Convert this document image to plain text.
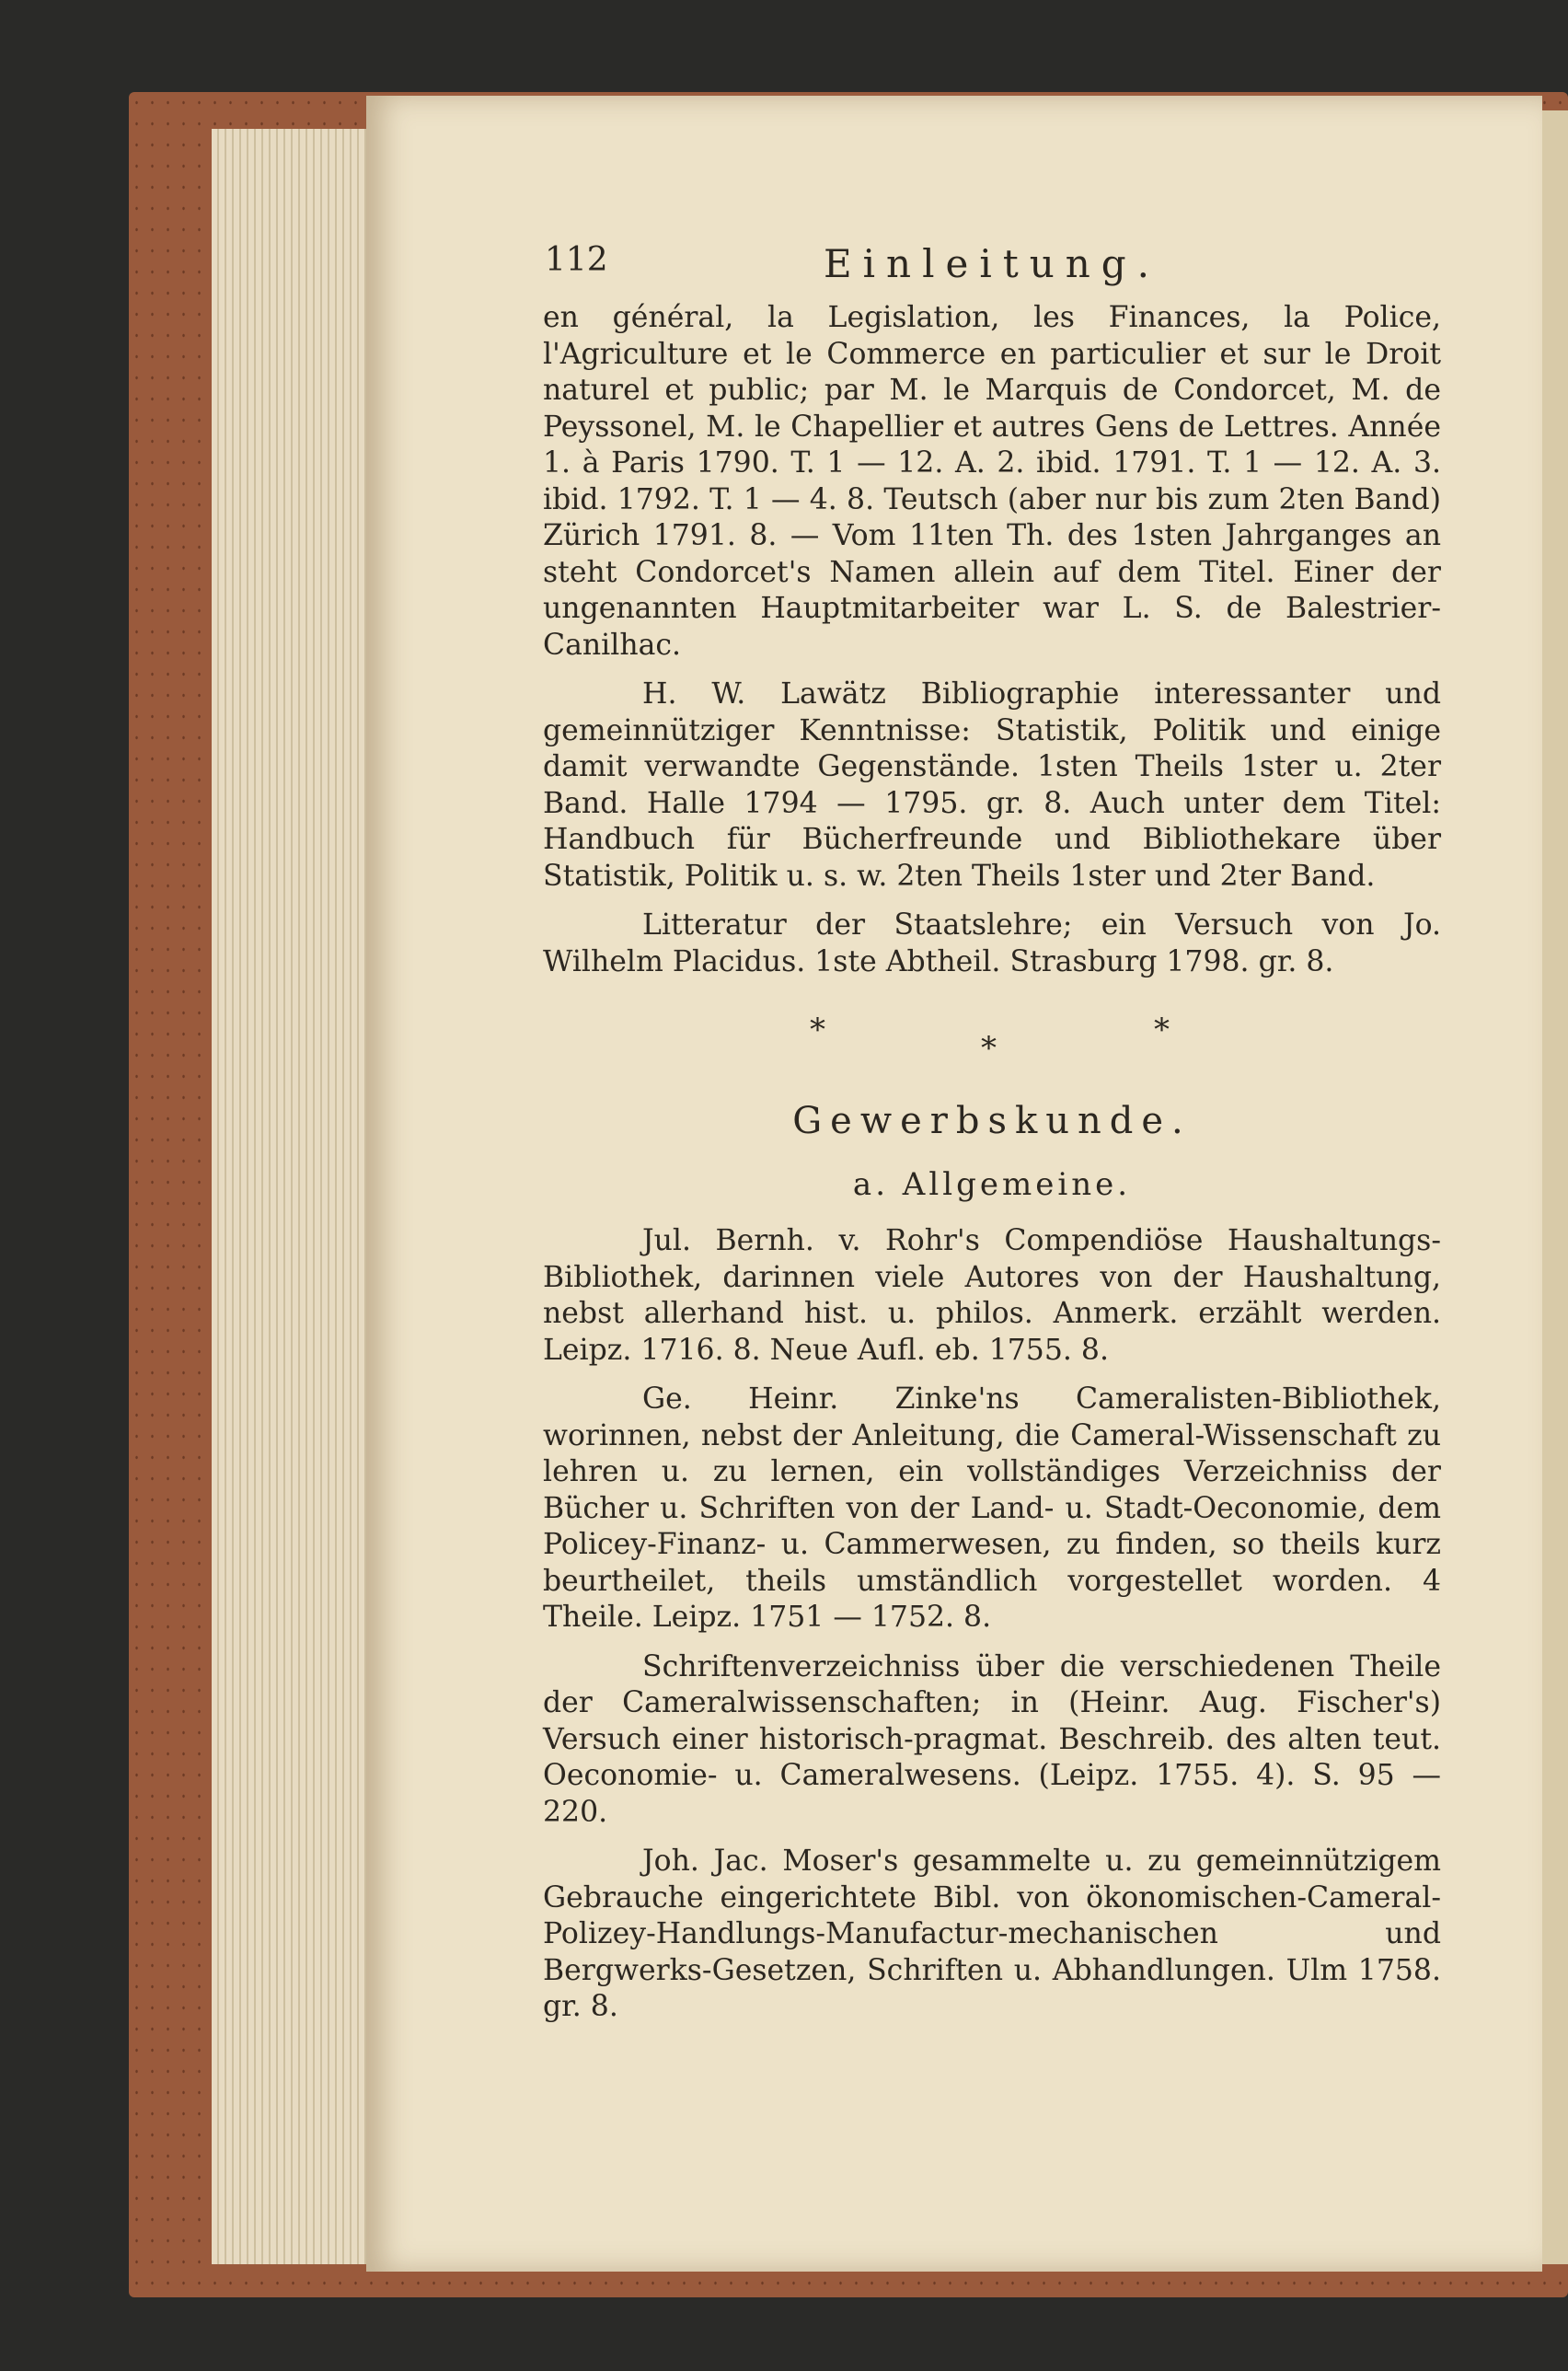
112	Einleitung.

en général, la Legislation, les Finances, la Police, l'Agriculture et le Commerce en particulier et sur le Droit naturel et public; par M. le Marquis de Condorcet, M. de Peyssonel, M. le Chapellier et autres Gens de Lettres. Année 1. à Paris 1790. T. 1 — 12. A. 2. ibid. 1791. T. 1 — 12. A. 3. ibid. 1792. T. 1 — 4. 8. Teutsch (aber nur bis zum 2ten Band) Zürich 1791. 8. — Vom 11ten Th. des 1sten Jahrganges an steht Condorcet's Namen allein auf dem Titel. Einer der ungenannten Hauptmitarbeiter war L. S. de Balestrier-Canilhac.

H. W. Lawätz Bibliographie interessanter und gemeinnütziger Kenntnisse: Statistik, Politik und einige damit verwandte Gegenstände. 1sten Theils 1ster u. 2ter Band. Halle 1794 — 1795. gr. 8. Auch unter dem Titel: Handbuch für Bücherfreunde und Bibliothekare über Statistik, Politik u. s. w. 2ten Theils 1ster und 2ter Band.

Litteratur der Staatslehre; ein Versuch von Jo. Wilhelm Placidus. 1ste Abtheil. Strasburg 1798. gr. 8.

*	*	*
Gewerbskunde.
a. Allgemeine.

Jul. Bernh. v. Rohr's Compendiöse Haushaltungs-Bibliothek, darinnen viele Autores von der Haushaltung, nebst allerhand hist. u. philos. Anmerk. erzählt werden. Leipz. 1716. 8. Neue Aufl. eb. 1755. 8.

Ge. Heinr. Zinke'ns Cameralisten-Bibliothek, worinnen, nebst der Anleitung, die Cameral-Wissenschaft zu lehren u. zu lernen, ein vollständiges Verzeichniss der Bücher u. Schriften von der Land- u. Stadt-Oeconomie, dem Policey-Finanz- u. Cammerwesen, zu finden, so theils kurz beurtheilet, theils umständlich vorgestellet worden. 4 Theile. Leipz. 1751 — 1752. 8.

Schriftenverzeichniss über die verschiedenen Theile der Cameralwissenschaften; in (Heinr. Aug. Fischer's) Versuch einer historisch-pragmat. Beschreib. des alten teut. Oeconomie- u. Cameralwesens. (Leipz. 1755. 4). S. 95 — 220.

Joh. Jac. Moser's gesammelte u. zu gemeinnützigem Gebrauche eingerichtete Bibl. von ökonomischen-Cameral-Polizey-Handlungs-Manufactur-mechanischen und Bergwerks-Gesetzen, Schriften u. Abhandlungen. Ulm 1758. gr. 8.
